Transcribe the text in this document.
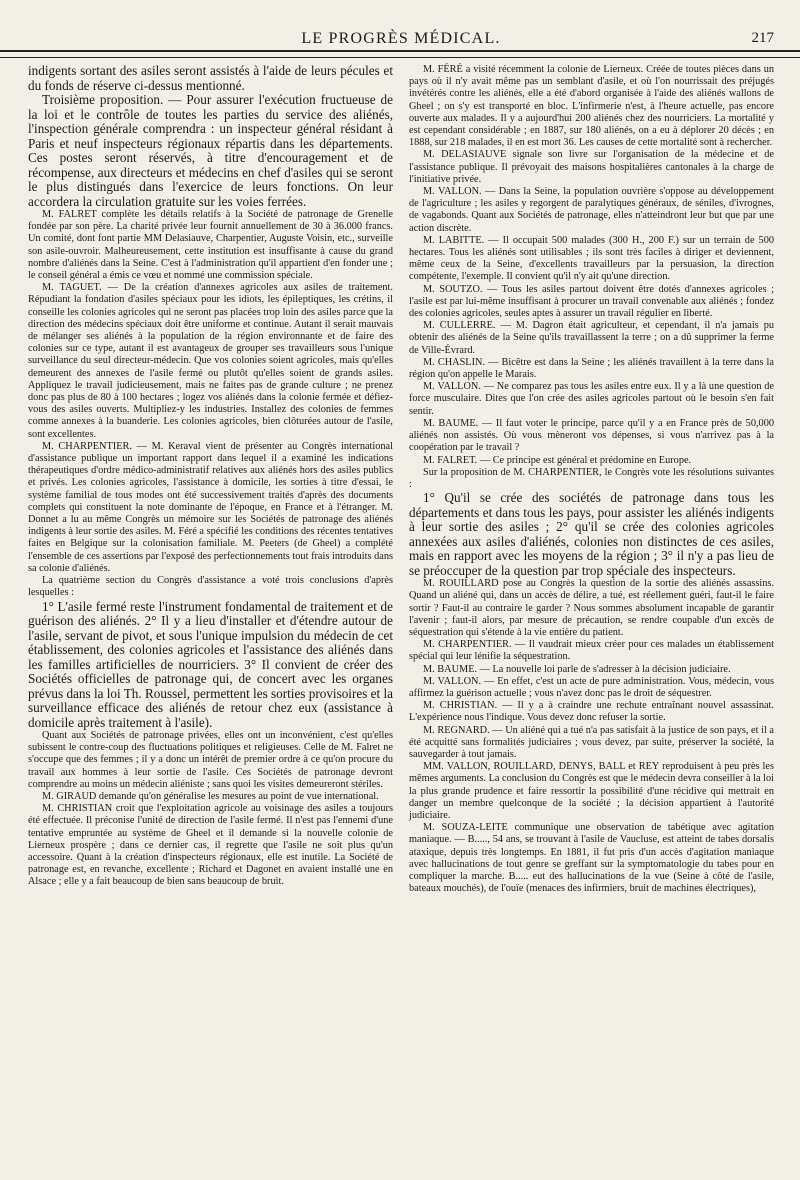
LE PROGRÈS MÉDICAL.	217

indigents sortant des asiles seront assistés à l'aide de leurs pécules et du fonds de réserve ci-dessus mentionné.

Troisième proposition. — Pour assurer l'exécution fructueuse de la loi et le contrôle de toutes les parties du service des aliénés, l'inspection générale comprendra : un inspecteur général résidant à Paris et neuf inspecteurs régionaux répartis dans les départements. Ces postes seront réservés, à titre d'encouragement et de récompense, aux directeurs et médecins en chef d'asiles qui se seront le plus distingués dans l'exercice de leurs fonctions. On leur accordera la circulation gratuite sur les voies ferrées.

M. FALRET complète les détails relatifs à la Société de patronage de Grenelle fondée par son père. La charité privée leur fournit annuellement de 30 à 36.000 francs. Un comité, dont font partie MM Delasiauve, Charpentier, Auguste Voisin, etc., surveille son asile-ouvroir. Malheureusement, cette institution est insuffisante à cause du grand nombre d'aliénés dans la Seine. C'est à l'administration qu'il appartient d'en fonder une ; le conseil général a émis ce vœu et nommé une commission spéciale.

M. TAGUET. — De la création d'annexes agricoles aux asiles de traitement. Répudiant la fondation d'asiles spéciaux pour les idiots, les épileptiques, les crétins, il conseille les colonies agricoles qui ne seront pas placées trop loin des asiles parce que la direction des médecins spéciaux doit être uniforme et continue. Autant il serait mauvais de mélanger ses aliénés à la population de la région environnante et de faire des colonies sur ce type, autant il est avantageux de grouper ses travailleurs sous l'unique surveillance du seul directeur-médecin. Que vos colonies soient agricoles, mais qu'elles demeurent des annexes de l'asile fermé ou plutôt qu'elles soient de grands asiles. Appliquez le travail judicieusement, mais ne faites pas de grande culture ; ne prenez donc pas plus de 80 à 100 hectares ; logez vos aliénés dans la colonie fermée et défiez-vous des asiles ouverts. Multipliez-y les industries. Installez des colonies de femmes comme annexes à la buanderie. Les colonies agricoles, bien clôturées autour de l'asile, sont excellentes.

M. CHARPENTIER. — M. Keraval vient de présenter au Congrès international d'assistance publique un important rapport dans lequel il a examiné les indications thérapeutiques d'ordre médico-administratif relatives aux aliénés hors des asiles publics et privés. Les colonies agricoles, l'assistance à domicile, les sorties à titre d'essai, le système familial de tous modes ont été successivement traités d'après des documents complets qui constituent la note dominante de l'époque, en France et à l'étranger. M. Donnet a lu au même Congrès un mémoire sur les Sociétés de patronage des aliénés indigents à leur sortie des asiles. M. Féré a spécifié les conditions des récentes tentatives faites en Belgique sur la colonisation familiale. M. Peeters (de Gheel) a complété l'ensemble de ces assertions par l'exposé des perfectionnements tout frais introduits dans sa colonie d'aliénés.

La quatrième section du Congrès d'assistance a voté trois conclusions d'après lesquelles :

1° L'asile fermé reste l'instrument fondamental de traitement et de guérison des aliénés. 2° Il y a lieu d'installer et d'étendre autour de l'asile, servant de pivot, et sous l'unique impulsion du médecin de cet établissement, des colonies agricoles et l'assistance des aliénés dans les familles artificielles de nourriciers. 3° Il convient de créer des Sociétés officielles de patronage qui, de concert avec les organes prévus dans la loi Th. Roussel, permettent les sorties provisoires et la surveillance efficace des aliénés de retour chez eux (assistance à domicile après traitement à l'asile).

Quant aux Sociétés de patronage privées, elles ont un inconvénient, c'est qu'elles subissent le contre-coup des fluctuations politiques et religieuses. Celle de M. Falret ne s'occupe que des femmes ; il y a donc un intérêt de premier ordre à ce qu'on procure du travail aux hommes à leur sortie de l'asile. Ces Sociétés de patronage devront comprendre au moins un médecin aliéniste ; sans quoi les visites demeureront stériles.

M. GIRAUD demande qu'on généralise les mesures au point de vue international.

M. CHRISTIAN croit que l'exploitation agricole au voisinage des asiles a toujours été effectuée. Il préconise l'unité de direction de l'asile fermé. Il n'est pas l'ennemi d'une tentative empruntée au système de Gheel et il demande si la nouvelle colonie de Lierneux prospère ; dans ce dernier cas, il regrette que l'asile ne soit plus qu'un accessoire. Quant à la création d'inspecteurs régionaux, elle est inutile. La Société de patronage est, en revanche, excellente ; Richard et Dagonet en avaient installé une en Alsace ; elle y a fait beaucoup de bien sans beaucoup de bruit.

M. FÉRÉ a visité récemment la colonie de Lierneux. Créée de toutes pièces dans un pays où il n'y avait même pas un semblant d'asile, et où l'on nourrissait des préjugés invétérés contre les aliénés, elle a été d'abord organisée à l'aide des aliénés wallons de Gheel ; on s'y est transporté en bloc. L'infirmerie n'est, à l'heure actuelle, pas encore ouverte aux malades. Il y a aujourd'hui 200 aliénés chez des nourriciers. La mortalité y est cependant considérable ; en 1887, sur 180 aliénés, on a eu à déplorer 20 décès ; en 1888, sur 218 malades, il en est mort 36. Les causes de cette mortalité sont à rechercher.

M. DELASIAUVE signale son livre sur l'organisation de la médecine et de l'assistance publique. Il prévoyait des maisons hospitalières cantonales à la charge de l'initiative privée.

M. VALLON. — Dans la Seine, la population ouvrière s'oppose au développement de l'agriculture ; les asiles y regorgent de paralytiques généraux, de séniles, d'ivrognes, de vagabonds. Quant aux Sociétés de patronage, elles n'atteindront leur but que par une action discrète.

M. LABITTE. — Il occupait 500 malades (300 H., 200 F.) sur un terrain de 500 hectares. Tous les aliénés sont utilisables ; ils sont très faciles à diriger et deviennent, même ceux de la Seine, d'excellents travailleurs par la persuasion, la direction compétente, l'exemple. Il convient qu'il n'y ait qu'une direction.

M. SOUTZO. — Tous les asiles partout doivent être dotés d'annexes agricoles ; l'asile est par lui-même insuffisant à procurer un travail convenable aux aliénés ; fondez des colonies agricoles, seules aptes à assurer un travail régulier en liberté.

M. CULLERRE. — M. Dagron était agriculteur, et cependant, il n'a jamais pu obtenir des aliénés de la Seine qu'ils travaillassent la terre ; on a dû supprimer la ferme de Ville-Évrard.

M. CHASLIN. — Bicêtre est dans la Seine ; les aliénés travaillent à la terre dans la région qu'on appelle le Marais.

M. VALLON. — Ne comparez pas tous les asiles entre eux. Il y a là une question de force musculaire. Dites que l'on crée des asiles agricoles partout où le besoin s'en fait sentir.

M. BAUME. — Il faut voter le principe, parce qu'il y a en France près de 50,000 aliénés non assistés. Où vous mèneront vos dépenses, si vous n'arrivez pas à la coopération par le travail ?

M. FALRET. — Ce principe est général et prédomine en Europe.

Sur la proposition de M. CHARPENTIER, le Congrès vote les résolutions suivantes :

1° Qu'il se crée des sociétés de patronage dans tous les départements et dans tous les pays, pour assister les aliénés indigents à leur sortie des asiles ; 2° qu'il se crée des colonies agricoles annexées aux asiles d'aliénés, colonies non distinctes de ces asiles, mais en rapport avec les moyens de la région ; 3° il n'y a pas lieu de se préoccuper de la question par trop spéciale des inspecteurs.

M. ROUILLARD pose au Congrès la question de la sortie des aliénés assassins. Quand un aliéné qui, dans un accès de délire, a tué, est réellement guéri, faut-il le faire sortir ? Faut-il au contraire le garder ? Nous sommes absolument incapable de garantir l'avenir ; faut-il alors, par mesure de précaution, se rendre coupable d'un excès de séquestration qui s'étende à la vie entière du patient.

M. CHARPENTIER. — Il vaudrait mieux créer pour ces malades un établissement spécial qui leur lénifie la séquestration.

M. BAUME. — La nouvelle loi parle de s'adresser à la décision judiciaire.

M. VALLON. — En effet, c'est un acte de pure administration. Vous, médecin, vous affirmez la guérison actuelle ; vous n'avez donc pas le droit de séquestrer.

M. CHRISTIAN. — Il y a à craindre une rechute entraînant nouvel assassinat. L'expérience nous l'indique. Vous devez donc refuser la sortie.

M. REGNARD. — Un aliéné qui a tué n'a pas satisfait à la justice de son pays, et il a été acquitté sans formalités judiciaires ; vous devez, par suite, préserver la société, la sauvegarder à tout jamais.

MM. VALLON, ROUILLARD, DENYS, BALL et REY reproduisent à peu près les mêmes arguments. La conclusion du Congrès est que le médecin devra conseiller à la loi la plus grande prudence et faire ressortir la possibilité d'une récidive qui mettrait en danger un membre quelconque de la société ; la décision appartient à l'autorité judiciaire.

M. SOUZA-LEITE communique une observation de tabétique avec agitation maniaque. — B....., 54 ans, se trouvant à l'asile de Vaucluse, est atteint de tabes dorsalis ataxique, depuis très longtemps. En 1881, il fut pris d'un accès d'agitation maniaque avec hallucinations de tout genre se greffant sur la symptomatologie du tabes pour en compliquer la marche. B..... eut des hallucinations de la vue (Seine à côté de l'asile, bateaux mouchés), de l'ouïe (menaces des infirmiers, bruit de machines électriques),
